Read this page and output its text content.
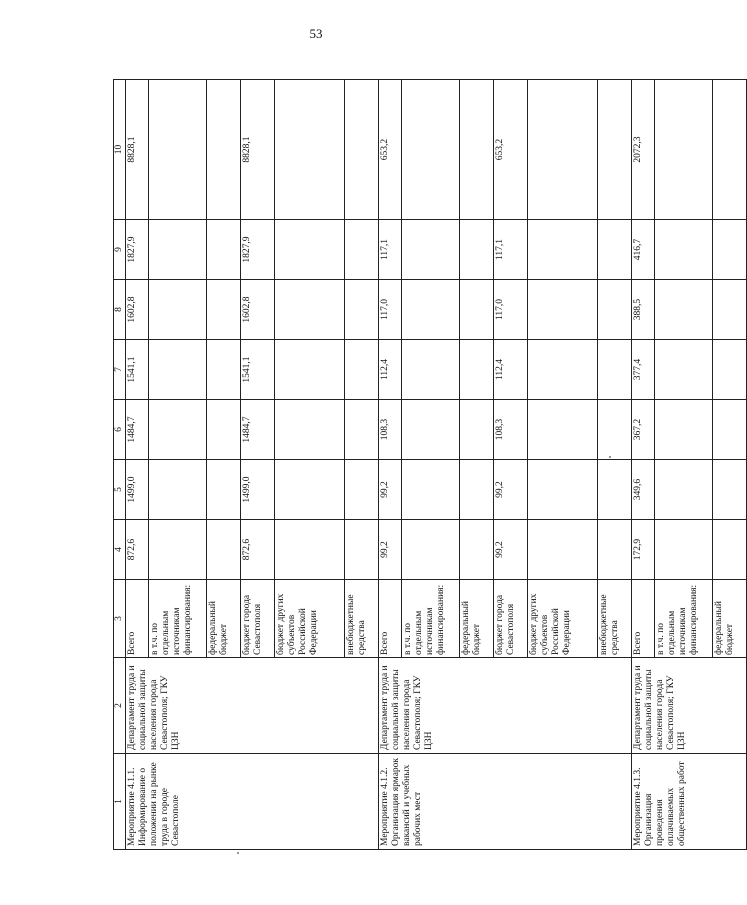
53
1	2	3	4	5	6	7	8	9	10
Мероприятие 4.1.1. Информирование о положении на рынке труда в городе Севастополе	Департамент труда и социальной защиты населения города Севастополя; ГКУ ЦЗН	Всего	872,6	1499,0	1484,7	1541,1	1602,8	1827,9	8828,1
		в т.ч. по отдельным источникам финансирования:							
		федеральный бюджет							
		бюджет города Севастополя	872,6	1499,0	1484,7	1541,1	1602,8	1827,9	8828,1
		бюджет других субъектов Российской Федерации							
		внебюджетные средства							
Мероприятие 4.1.2. Организация ярмарок вакансий и учебных рабочих мест	Департамент труда и социальной защиты населения города Севастополя; ГКУ ЦЗН	Всего	99,2	99,2	108,3	112,4	117,0	117,1	653,2
		в т.ч. по отдельным источникам финансирования:							
		федеральный бюджет							
		бюджет города Севастополя	99,2	99,2	108,3	112,4	117,0	117,1	653,2
		бюджет других субъектов Российской Федерации							
		внебюджетные средства							
Мероприятие 4.1.3. Организация проведения оплачиваемых общественных работ	Департамент труда и социальной защиты населения города Севастополя; ГКУ ЦЗН	Всего	172,9	349,6	367,2	377,4	388,5	416,7	2072,3
		в т.ч. по отдельным источникам финансирования:							
		федеральный бюджет							
